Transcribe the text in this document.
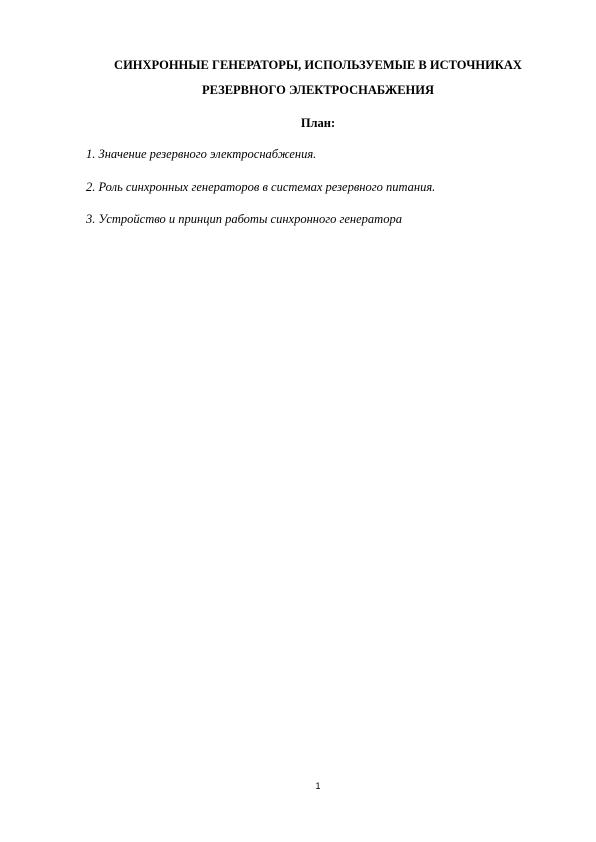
СИНХРОННЫЕ ГЕНЕРАТОРЫ, ИСПОЛЬЗУЕМЫЕ В ИСТОЧНИКАХ
РЕЗЕРВНОГО ЭЛЕКТРОСНАБЖЕНИЯ
План:
1. Значение резервного электроснабжения.
2. Роль синхронных генераторов в системах резервного питания.
3. Устройство и принцип работы синхронного генератора
1
